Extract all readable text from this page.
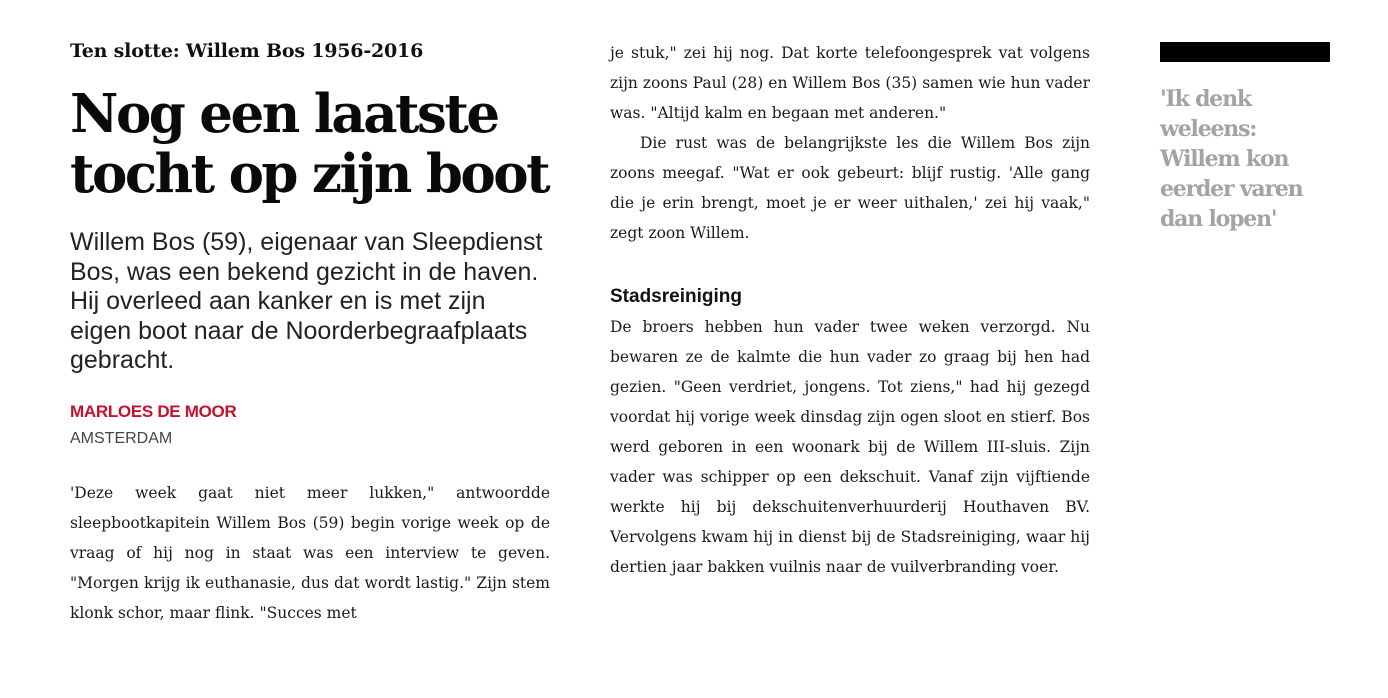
Ten slotte: Willem Bos 1956-2016
Nog een laatste
tocht op zijn boot

Willem Bos (59), eigenaar van Sleepdienst Bos, was een bekend gezicht in de haven. Hij overleed aan kanker en is met zijn eigen boot naar de Noorderbegraafplaats gebracht.

MARLOES DE MOOR
AMSTERDAM

'Deze week gaat niet meer lukken," antwoordde sleepbootkapitein Willem Bos (59) begin vorige week op de vraag of hij nog in staat was een interview te geven. "Morgen krijg ik euthanasie, dus dat wordt lastig." Zijn stem klonk schor, maar flink. "Succes met

je stuk," zei hij nog. Dat korte telefoongesprek vat volgens zijn zoons Paul (28) en Willem Bos (35) samen wie hun vader was. "Altijd kalm en begaan met anderen."

Die rust was de belangrijkste les die Willem Bos zijn zoons meegaf. "Wat er ook gebeurt: blijf rustig. 'Alle gang die je erin brengt, moet je er weer uithalen,' zei hij vaak," zegt zoon Willem.

Stadsreiniging

De broers hebben hun vader twee weken verzorgd. Nu bewaren ze de kalmte die hun vader zo graag bij hen had gezien. "Geen verdriet, jongens. Tot ziens," had hij gezegd voordat hij vorige week dinsdag zijn ogen sloot en stierf. Bos werd geboren in een woonark bij de Willem III-sluis. Zijn vader was schipper op een dekschuit. Vanaf zijn vijftiende werkte hij bij dekschuitenverhuurderij Houthaven BV. Vervolgens kwam hij in dienst bij de Stadsreiniging, waar hij dertien jaar bakken vuilnis naar de vuilverbranding voer.

'Ik denk weleens: Willem kon eerder varen dan lopen'
